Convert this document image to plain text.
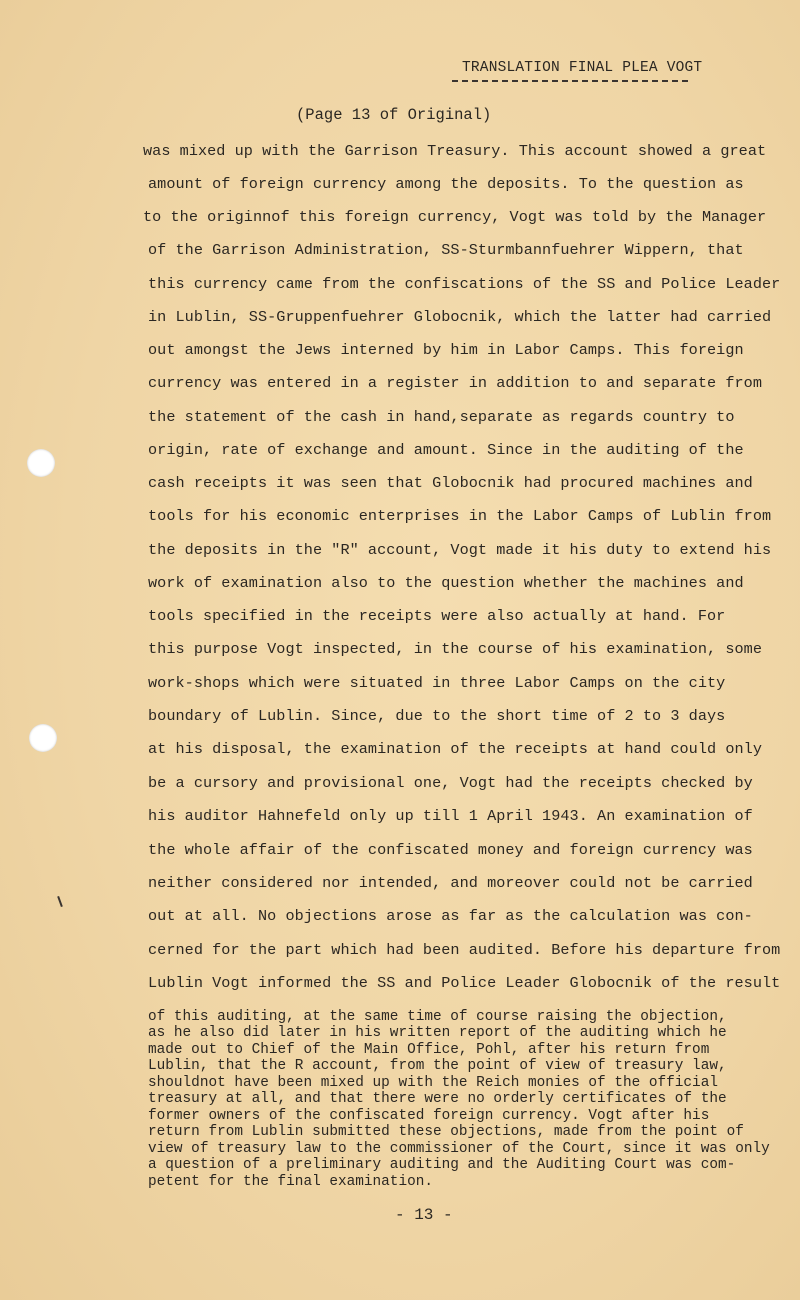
TRANSLATION FINAL PLEA VOGT
(Page 13 of Original)
was mixed up with the Garrison Treasury. This account showed a great
amount of foreign currency among the deposits. To the question as
to the originnof this foreign currency, Vogt was told by the Manager
of the Garrison Administration, SS-Sturmbannfuehrer Wippern, that
this currency came from the confiscations of the SS and Police Leader
in Lublin, SS-Gruppenfuehrer Globocnik, which the latter had carried
out amongst the Jews interned by him in Labor Camps. This foreign
currency was entered in a register in addition to and separate from
the statement of the cash in hand,separate as regards country to
origin, rate of exchange and amount. Since in the auditing of the
cash receipts it was seen that Globocnik had procured machines and
tools for his economic enterprises in the Labor Camps of Lublin from
the deposits in the "R" account, Vogt made it his duty to extend his
work of examination also to the question whether the machines and
tools specified in the receipts were also actually at hand. For
this purpose Vogt inspected, in the course of his examination, some
work-shops which were situated in three Labor Camps on the city
boundary of Lublin. Since, due to the short time of 2 to 3 days
at his disposal, the examination of the receipts at hand could only
be a cursory and provisional one, Vogt had the receipts checked by
his auditor Hahnefeld only up till 1 April 1943. An examination of
the whole affair of the confiscated money and foreign currency was
neither considered nor intended, and moreover could not be carried
out at all. No objections arose as far as the calculation was con-
cerned for the part which had been audited. Before his departure from
Lublin Vogt informed the SS and Police Leader Globocnik of the result
of this auditing, at the same time of course raising the objection,
as he also did later in his written report of the auditing which he
made out to Chief of the Main Office, Pohl, after his return from
Lublin, that the R account, from the point of view of treasury law,
shouldnot have been mixed up with the Reich monies of the official
treasury at all, and that there were no orderly certificates of the
former owners of the confiscated foreign currency. Vogt after his
return from Lublin submitted these objections, made from the point of
view of treasury law to the commissioner of the Court, since it was only
a question of a preliminary auditing and the Auditing Court was com-
petent for the final examination.
- 13 -
